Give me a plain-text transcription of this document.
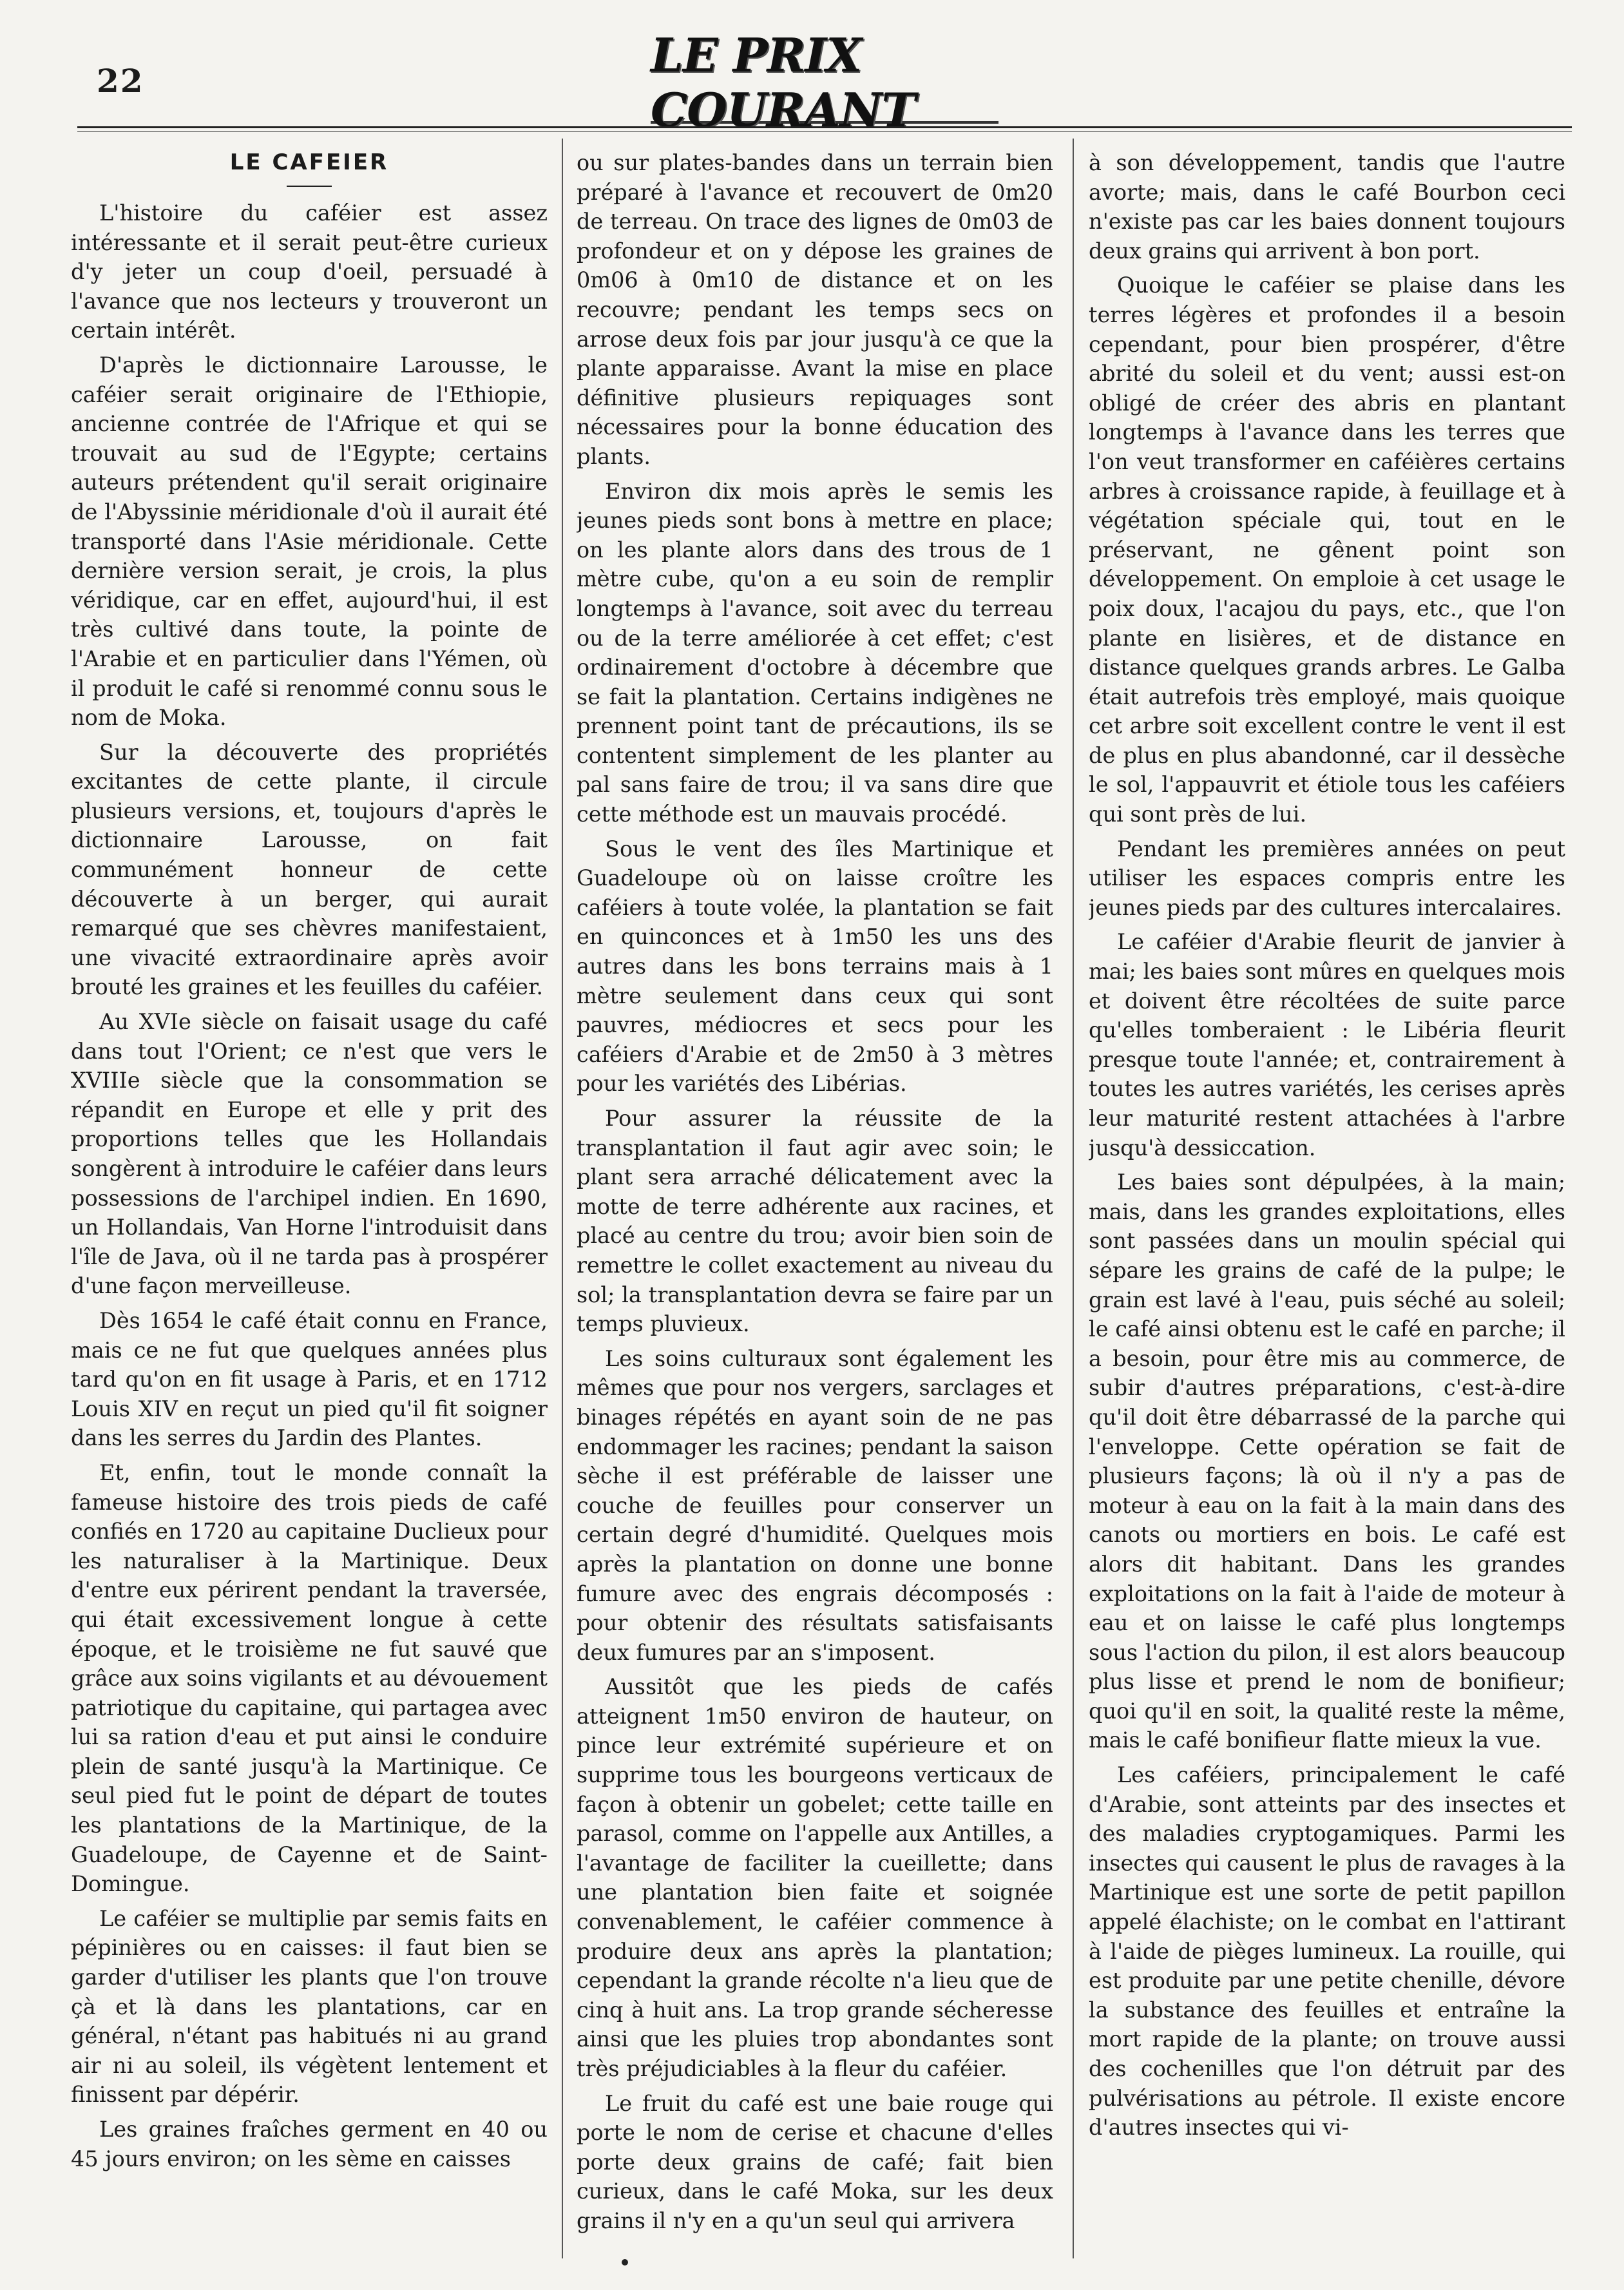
22	LE PRIX COURANT
LE CAFEIER

L'histoire du caféier est assez intéressante et il serait peut-être curieux d'y jeter un coup d'oeil, persuadé à l'avance que nos lecteurs y trouveront un certain intérêt.

D'après le dictionnaire Larousse, le caféier serait originaire de l'Ethiopie, ancienne contrée de l'Afrique et qui se trouvait au sud de l'Egypte; certains auteurs prétendent qu'il serait originaire de l'Abyssinie méridionale d'où il aurait été transporté dans l'Asie méridionale. Cette dernière version serait, je crois, la plus véridique, car en effet, aujourd'hui, il est très cultivé dans toute, la pointe de l'Arabie et en particulier dans l'Yémen, où il produit le café si renommé connu sous le nom de Moka.

Sur la découverte des propriétés excitantes de cette plante, il circule plusieurs versions, et, toujours d'après le dictionnaire Larousse, on fait communément honneur de cette découverte à un berger, qui aurait remarqué que ses chèvres manifestaient, une vivacité extraordinaire après avoir brouté les graines et les feuilles du caféier.

Au XVIe siècle on faisait usage du café dans tout l'Orient; ce n'est que vers le XVIIIe siècle que la consommation se répandit en Europe et elle y prit des proportions telles que les Hollandais songèrent à introduire le caféier dans leurs possessions de l'archipel indien. En 1690, un Hollandais, Van Horne l'introduisit dans l'île de Java, où il ne tarda pas à prospérer d'une façon merveilleuse.

Dès 1654 le café était connu en France, mais ce ne fut que quelques années plus tard qu'on en fit usage à Paris, et en 1712 Louis XIV en reçut un pied qu'il fit soigner dans les serres du Jardin des Plantes.

Et, enfin, tout le monde connaît la fameuse histoire des trois pieds de café confiés en 1720 au capitaine Duclieux pour les naturaliser à la Martinique. Deux d'entre eux périrent pendant la traversée, qui était excessivement longue à cette époque, et le troisième ne fut sauvé que grâce aux soins vigilants et au dévouement patriotique du capitaine, qui partagea avec lui sa ration d'eau et put ainsi le conduire plein de santé jusqu'à la Martinique. Ce seul pied fut le point de départ de toutes les plantations de la Martinique, de la Guadeloupe, de Cayenne et de Saint-Domingue.

Le caféier se multiplie par semis faits en pépinières ou en caisses: il faut bien se garder d'utiliser les plants que l'on trouve çà et là dans les plantations, car en général, n'étant pas habitués ni au grand air ni au soleil, ils végètent lentement et finissent par dépérir.

Les graines fraîches germent en 40 ou 45 jours environ; on les sème en caisses

ou sur plates-bandes dans un terrain bien préparé à l'avance et recouvert de 0m20 de terreau. On trace des lignes de 0m03 de profondeur et on y dépose les graines de 0m06 à 0m10 de distance et on les recouvre; pendant les temps secs on arrose deux fois par jour jusqu'à ce que la plante apparaisse. Avant la mise en place définitive plusieurs repiquages sont nécessaires pour la bonne éducation des plants.

Environ dix mois après le semis les jeunes pieds sont bons à mettre en place; on les plante alors dans des trous de 1 mètre cube, qu'on a eu soin de remplir longtemps à l'avance, soit avec du terreau ou de la terre améliorée à cet effet; c'est ordinairement d'octobre à décembre que se fait la plantation. Certains indigènes ne prennent point tant de précautions, ils se contentent simplement de les planter au pal sans faire de trou; il va sans dire que cette méthode est un mauvais procédé.

Sous le vent des îles Martinique et Guadeloupe où on laisse croître les caféiers à toute volée, la plantation se fait en quinconces et à 1m50 les uns des autres dans les bons terrains mais à 1 mètre seulement dans ceux qui sont pauvres, médiocres et secs pour les caféiers d'Arabie et de 2m50 à 3 mètres pour les variétés des Libérias.

Pour assurer la réussite de la transplantation il faut agir avec soin; le plant sera arraché délicatement avec la motte de terre adhérente aux racines, et placé au centre du trou; avoir bien soin de remettre le collet exactement au niveau du sol; la transplantation devra se faire par un temps pluvieux.

Les soins culturaux sont également les mêmes que pour nos vergers, sarclages et binages répétés en ayant soin de ne pas endommager les racines; pendant la saison sèche il est préférable de laisser une couche de feuilles pour conserver un certain degré d'humidité. Quelques mois après la plantation on donne une bonne fumure avec des engrais décomposés : pour obtenir des résultats satisfaisants deux fumures par an s'imposent.

Aussitôt que les pieds de cafés atteignent 1m50 environ de hauteur, on pince leur extrémité supérieure et on supprime tous les bourgeons verticaux de façon à obtenir un gobelet; cette taille en parasol, comme on l'appelle aux Antilles, a l'avantage de faciliter la cueillette; dans une plantation bien faite et soignée convenablement, le caféier commence à produire deux ans après la plantation; cependant la grande récolte n'a lieu que de cinq à huit ans. La trop grande sécheresse ainsi que les pluies trop abondantes sont très préjudiciables à la fleur du caféier.

Le fruit du café est une baie rouge qui porte le nom de cerise et chacune d'elles porte deux grains de café; fait bien curieux, dans le café Moka, sur les deux grains il n'y en a qu'un seul qui arrivera

à son développement, tandis que l'autre avorte; mais, dans le café Bourbon ceci n'existe pas car les baies donnent toujours deux grains qui arrivent à bon port.

Quoique le caféier se plaise dans les terres légères et profondes il a besoin cependant, pour bien prospérer, d'être abrité du soleil et du vent; aussi est-on obligé de créer des abris en plantant longtemps à l'avance dans les terres que l'on veut transformer en caféières certains arbres à croissance rapide, à feuillage et à végétation spéciale qui, tout en le préservant, ne gênent point son développement. On emploie à cet usage le poix doux, l'acajou du pays, etc., que l'on plante en lisières, et de distance en distance quelques grands arbres. Le Galba était autrefois très employé, mais quoique cet arbre soit excellent contre le vent il est de plus en plus abandonné, car il dessèche le sol, l'appauvrit et étiole tous les caféiers qui sont près de lui.

Pendant les premières années on peut utiliser les espaces compris entre les jeunes pieds par des cultures intercalaires.

Le caféier d'Arabie fleurit de janvier à mai; les baies sont mûres en quelques mois et doivent être récoltées de suite parce qu'elles tomberaient : le Libéria fleurit presque toute l'année; et, contrairement à toutes les autres variétés, les cerises après leur maturité restent attachées à l'arbre jusqu'à dessiccation.

Les baies sont dépulpées, à la main; mais, dans les grandes exploitations, elles sont passées dans un moulin spécial qui sépare les grains de café de la pulpe; le grain est lavé à l'eau, puis séché au soleil; le café ainsi obtenu est le café en parche; il a besoin, pour être mis au commerce, de subir d'autres préparations, c'est-à-dire qu'il doit être débarrassé de la parche qui l'enveloppe. Cette opération se fait de plusieurs façons; là où il n'y a pas de moteur à eau on la fait à la main dans des canots ou mortiers en bois. Le café est alors dit habitant. Dans les grandes exploitations on la fait à l'aide de moteur à eau et on laisse le café plus longtemps sous l'action du pilon, il est alors beaucoup plus lisse et prend le nom de bonifieur; quoi qu'il en soit, la qualité reste la même, mais le café bonifieur flatte mieux la vue.

Les caféiers, principalement le café d'Arabie, sont atteints par des insectes et des maladies cryptogamiques. Parmi les insectes qui causent le plus de ravages à la Martinique est une sorte de petit papillon appelé élachiste; on le combat en l'attirant à l'aide de pièges lumineux. La rouille, qui est produite par une petite chenille, dévore la substance des feuilles et entraîne la mort rapide de la plante; on trouve aussi des cochenilles que l'on détruit par des pulvérisations au pétrole. Il existe encore d'autres insectes qui vi-
